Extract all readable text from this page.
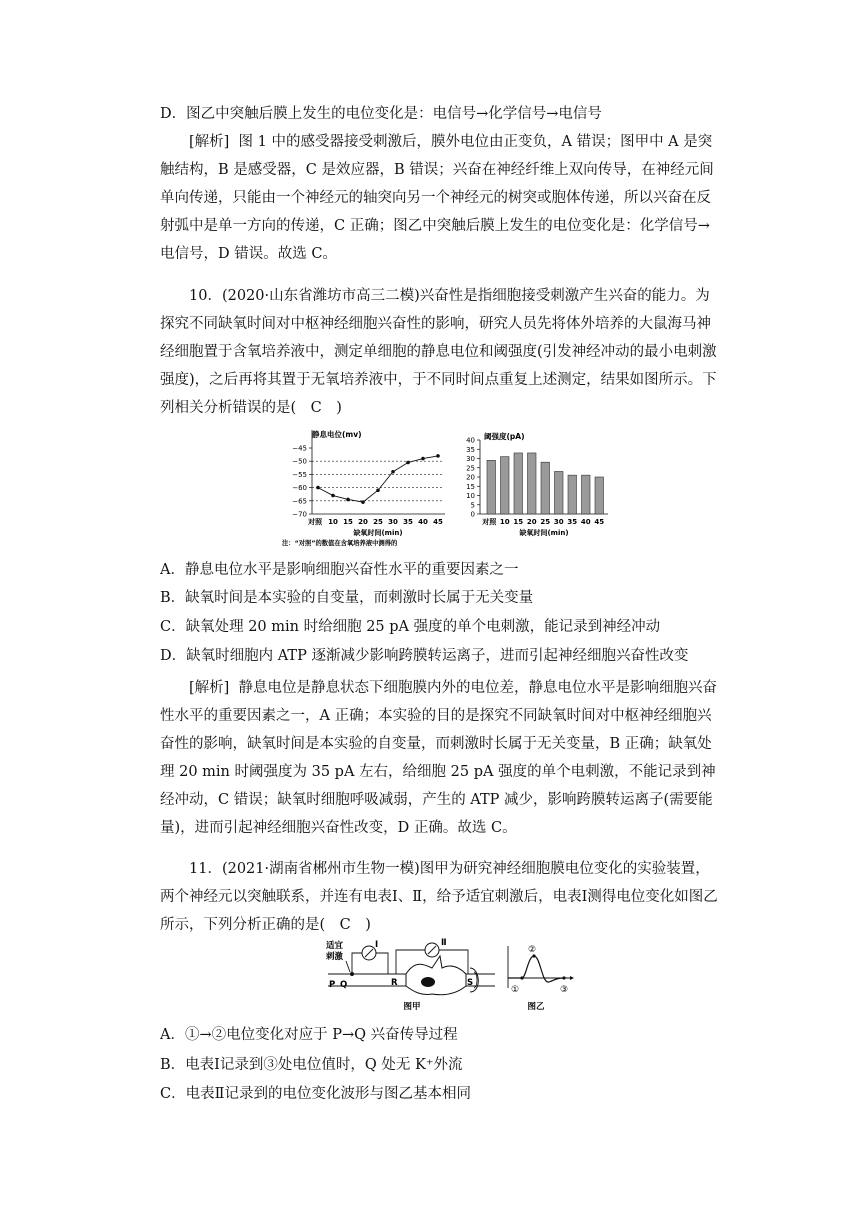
D．图乙中突触后膜上发生的电位变化是：电信号→化学信号→电信号

[解析] 图 1 中的感受器接受刺激后，膜外电位由正变负，A 错误；图甲中 A 是突触结构，B 是感受器，C 是效应器，B 错误；兴奋在神经纤维上双向传导，在神经元间单向传递，只能由一个神经元的轴突向另一个神经元的树突或胞体传递，所以兴奋在反射弧中是单一方向的传递，C 正确；图乙中突触后膜上发生的电位变化是：化学信号→电信号，D 错误。故选 C。

10．(2020·山东省潍坊市高三二模)兴奋性是指细胞接受刺激产生兴奋的能力。为探究不同缺氧时间对中枢神经细胞兴奋性的影响，研究人员先将体外培养的大鼠海马神经细胞置于含氧培养液中，测定单细胞的静息电位和阈强度(引发神经冲动的最小电刺激强度)，之后再将其置于无氧培养液中，于不同时间点重复上述测定，结果如图所示。下列相关分析错误的是(　C　)

静息电位(mv)
−45
−50
−55
−60
−65
−70
对照 10 15 20 25 30 35 40 45
缺氧时间(min)
注：“对照”的数值在含氧培养液中测得的
阈强度(pA)
0
5
10
15
20
25
30
35
40
对照 10 15 20 25 30 35 40 45
缺氧时间(min)

A．静息电位水平是影响细胞兴奋性水平的重要因素之一

B．缺氧时间是本实验的自变量，而刺激时长属于无关变量

C．缺氧处理 20 min 时给细胞 25 pA 强度的单个电刺激，能记录到神经冲动

D．缺氧时细胞内 ATP 逐渐减少影响跨膜转运离子，进而引起神经细胞兴奋性改变

[解析] 静息电位是静息状态下细胞膜内外的电位差，静息电位水平是影响细胞兴奋性水平的重要因素之一，A 正确；本实验的目的是探究不同缺氧时间对中枢神经细胞兴奋性的影响，缺氧时间是本实验的自变量，而刺激时长属于无关变量，B 正确；缺氧处理 20 min 时阈强度为 35 pA 左右，给细胞 25 pA 强度的单个电刺激，不能记录到神经冲动，C 错误；缺氧时细胞呼吸减弱，产生的 ATP 减少，影响跨膜转运离子(需要能量)，进而引起神经细胞兴奋性改变，D 正确。故选 C。

11．(2021·湖南省郴州市生物一模)图甲为研究神经细胞膜电位变化的实验装置，两个神经元以突触联系，并连有电表Ⅰ、Ⅱ，给予适宜刺激后，电表Ⅰ测得电位变化如图乙所示，下列分析正确的是(　C　)

适宜
刺激
Ⅰ	Ⅱ
P Q	R	S
图甲
①
②
③
图乙

A．①→②电位变化对应于 P→Q 兴奋传导过程

B．电表Ⅰ记录到③处电位值时，Q 处无 K⁺外流

C．电表Ⅱ记录到的电位变化波形与图乙基本相同
